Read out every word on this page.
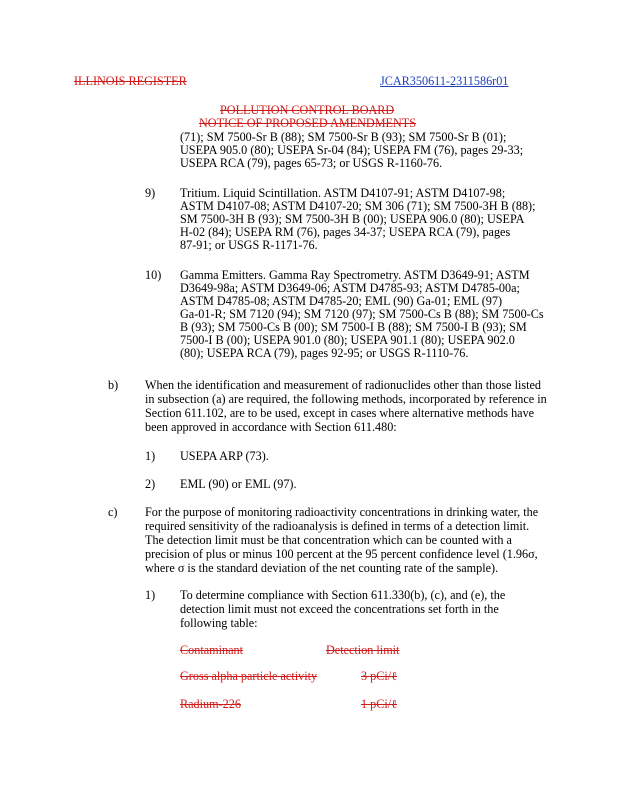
ILLINOIS REGISTER	JCAR350611-2311586r01
POLLUTION CONTROL BOARD
NOTICE OF PROPOSED AMENDMENTS
(71); SM 7500-Sr B (88); SM 7500-Sr B (93); SM 7500-Sr B (01);
USEPA 905.0 (80); USEPA Sr-04 (84); USEPA FM (76), pages 29-33;
USEPA RCA (79), pages 65-73; or USGS R-1160-76.
9) Tritium. Liquid Scintillation. ASTM D4107-91; ASTM D4107-98;
ASTM D4107-08; ASTM D4107-20; SM 306 (71); SM 7500-3H B (88);
SM 7500-3H B (93); SM 7500-3H B (00); USEPA 906.0 (80); USEPA
H-02 (84); USEPA RM (76), pages 34-37; USEPA RCA (79), pages
87-91; or USGS R-1171-76.
10) Gamma Emitters. Gamma Ray Spectrometry. ASTM D3649-91; ASTM
D3649-98a; ASTM D3649-06; ASTM D4785-93; ASTM D4785-00a;
ASTM D4785-08; ASTM D4785-20; EML (90) Ga-01; EML (97)
Ga-01-R; SM 7120 (94); SM 7120 (97); SM 7500-Cs B (88); SM 7500-Cs
B (93); SM 7500-Cs B (00); SM 7500-I B (88); SM 7500-I B (93); SM
7500-I B (00); USEPA 901.0 (80); USEPA 901.1 (80); USEPA 902.0
(80); USEPA RCA (79), pages 92-95; or USGS R-1110-76.
b) When the identification and measurement of radionuclides other than those listed
in subsection (a) are required, the following methods, incorporated by reference in
Section 611.102, are to be used, except in cases where alternative methods have
been approved in accordance with Section 611.480:
1) USEPA ARP (73).
2) EML (90) or EML (97).
c) For the purpose of monitoring radioactivity concentrations in drinking water, the
required sensitivity of the radioanalysis is defined in terms of a detection limit.
The detection limit must be that concentration which can be counted with a
precision of plus or minus 100 percent at the 95 percent confidence level (1.96σ,
where σ is the standard deviation of the net counting rate of the sample).
1) To determine compliance with Section 611.330(b), (c), and (e), the
detection limit must not exceed the concentrations set forth in the
following table:
Contaminant	Detection limit
Gross alpha particle activity	3 pCi/ℓ
Radium-226	1 pCi/ℓ
